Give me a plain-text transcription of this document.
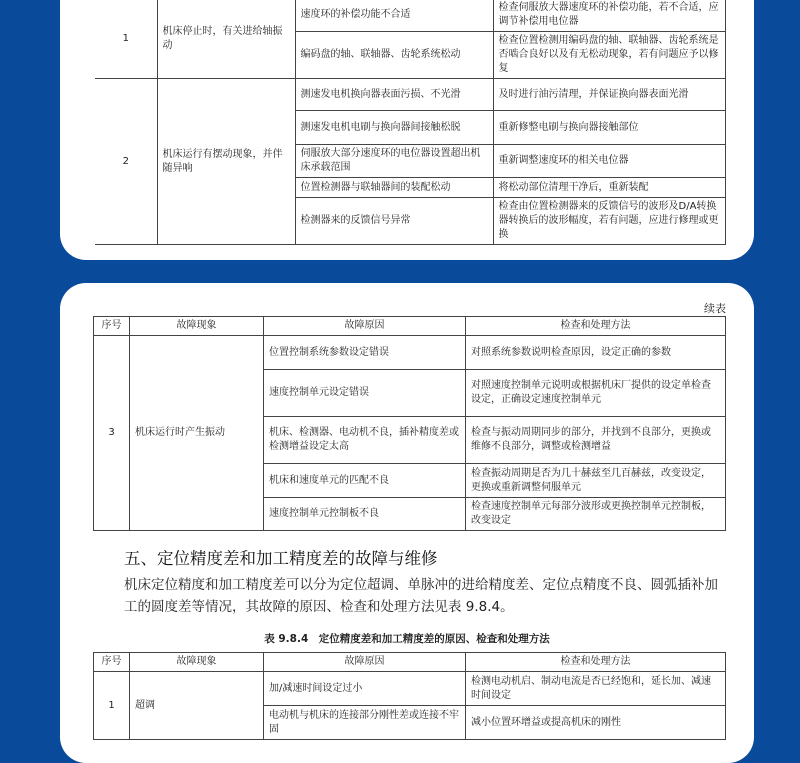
1	机床停止时，有关进给轴振动	速度环的补偿功能不合适	检查伺服放大器速度环的补偿功能，若不合适，应调节补偿用电位器
		编码盘的轴、联轴器、齿轮系统松动	检查位置检测用编码盘的轴、联轴器、齿轮系统是否啮合良好以及有无松动现象，若有问题应予以修复
2	机床运行有摆动现象，并伴随异响	测速发电机换向器表面污损、不光滑	及时进行油污清理，并保证换向器表面光滑
		测速发电机电刷与换向器间接触松脱	重新修整电刷与换向器接触部位
		伺服放大部分速度环的电位器设置超出机床承载范围	重新调整速度环的相关电位器
		位置检测器与联轴器间的装配松动	将松动部位清理干净后，重新装配
		检测器来的反馈信号异常	检查由位置检测器来的反馈信号的波形及D/A转换器转换后的波形幅度，若有问题，应进行修理或更换
续表
序号	故障现象	故障原因	检查和处理方法
3	机床运行时产生振动	位置控制系统参数设定错误	对照系统参数说明检查原因，设定正确的参数
		速度控制单元设定错误	对照速度控制单元说明或根据机床厂提供的设定单检查设定，正确设定速度控制单元
		机床、检测器、电动机不良，插补精度差或检测增益设定太高	检查与振动周期同步的部分，并找到不良部分，更换或维修不良部分，调整或检测增益
		机床和速度单元的匹配不良	检查振动周期是否为几十赫兹至几百赫兹，改变设定，更换或重新调整伺服单元
		速度控制单元控制板不良	检查速度控制单元每部分波形或更换控制单元控制板，改变设定
五、定位精度差和加工精度差的故障与维修
机床定位精度和加工精度差可以分为定位超调、单脉冲的进给精度差、定位点精度不良、圆弧插补加工的圆度差等情况，其故障的原因、检查和处理方法见表 9.8.4。
表 9.8.4　定位精度差和加工精度差的原因、检查和处理方法
序号	故障现象	故障原因	检查和处理方法
1	超调	加/减速时间设定过小	检测电动机启、制动电流是否已经饱和，延长加、减速时间设定
		电动机与机床的连接部分刚性差或连接不牢固	减小位置环增益或提高机床的刚性
